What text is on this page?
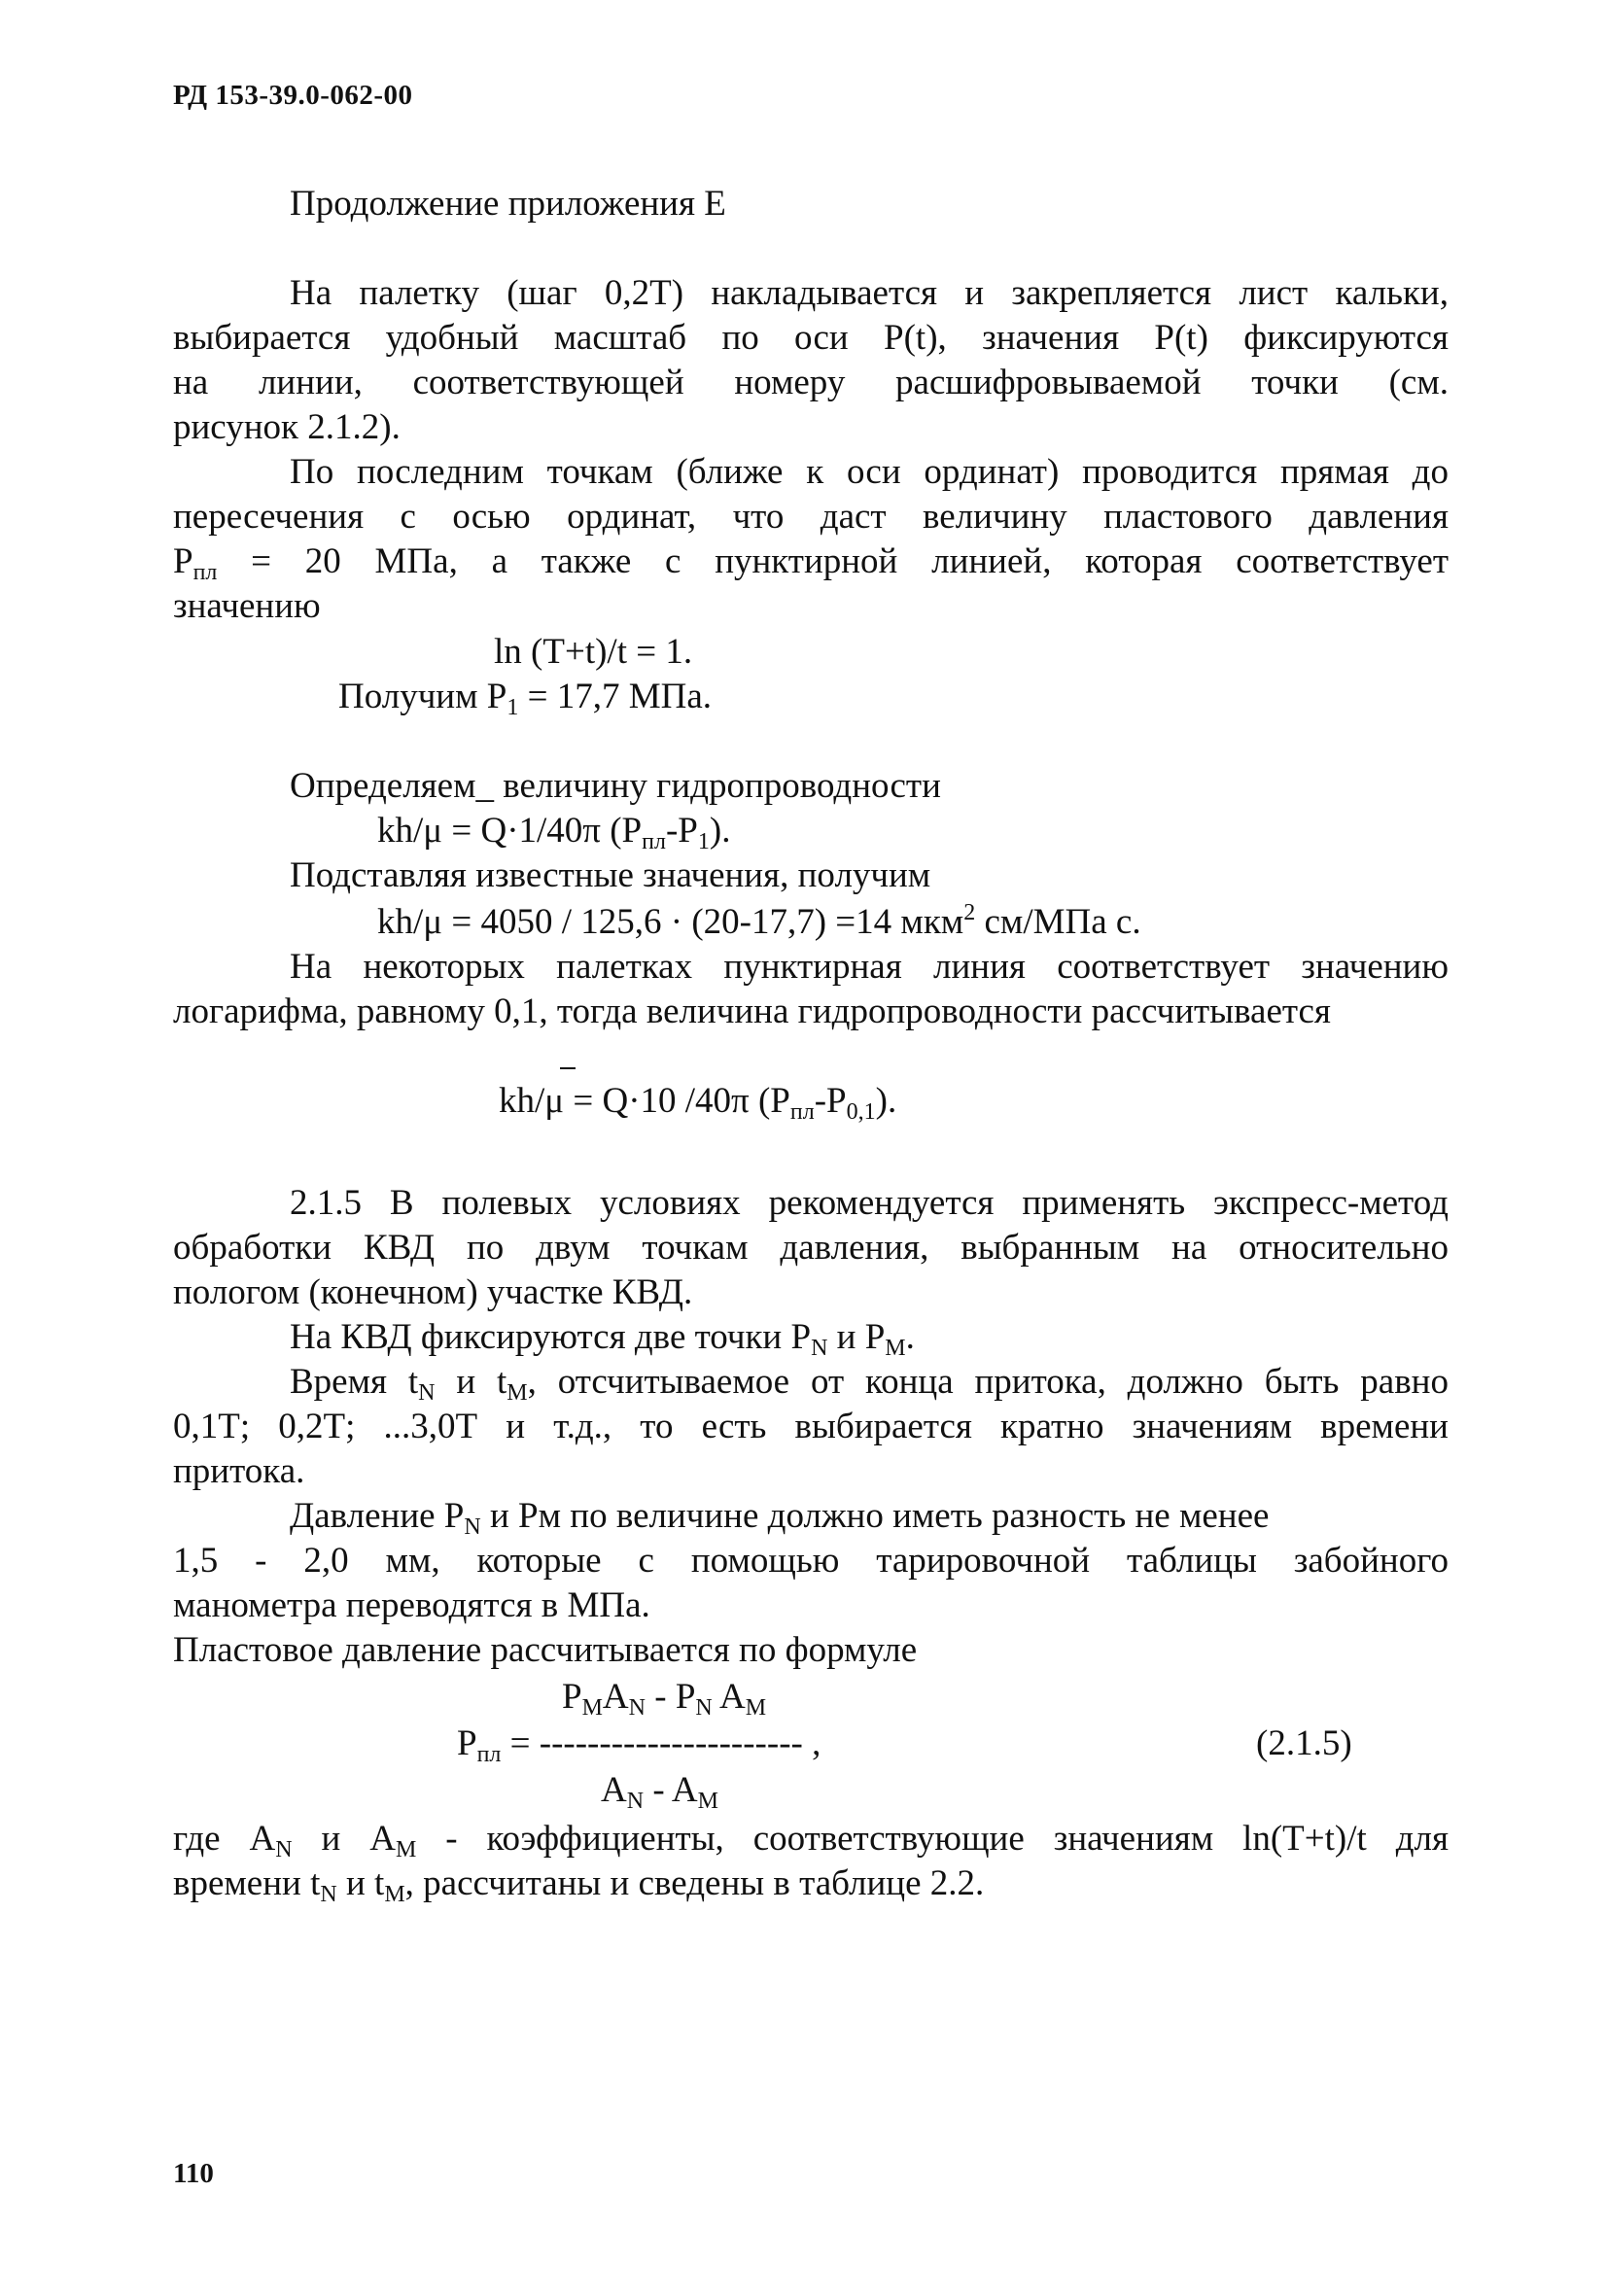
РД 153-39.0-062-00
Продолжение приложения Е
На палетку (шаг 0,2Т) накладывается и закрепляется лист кальки,
выбирается удобный масштаб по оси Р(t), значения Р(t) фиксируются
на линии, соответствующей номеру расшифровываемой точки (см.
рисунок 2.1.2).
По последним точкам (ближе к оси ординат) проводится прямая до
пересечения с осью ординат, что даст величину пластового давления
$Р_{пл} = 20$ МПа, а также с пунктирной линией, которая соответствует
значению
ln (Т+t)/t = 1.
Получим $Р_1 = 17,7$ МПа.
Определяем_ величину гидропроводности
kh/μ = Q·1/40π $(Р_{пл}-Р_1)$.
Подставляя известные значения, получим
kh/μ = 4050 / 125,6 · (20-17,7) =14 мкм$^2$ см/МПа с.
На некоторых палетках пунктирная линия соответствует значению
логарифма, равному 0,1, тогда величина гидропроводности рассчитывается
kh/μ = Q·10 /40π $(Р_{пл}-Р_{0,1})$.
2.1.5 В полевых условиях рекомендуется применять экспресс-метод
обработки КВД по двум точкам давления, выбранным на относительно
пологом (конечном) участке КВД.
На КВД фиксируются две точки $Р_N$ и $Р_M$.
Время $t_N$ и $t_M$, отсчитываемое от конца притока, должно быть равно
0,1Т; 0,2Т; ...3,0Т и т.д., то есть выбирается кратно значениям времени
притока.
Давление $Р_N$ и Рм по величине должно иметь разность не менее
1,5 - 2,0 мм, которые с помощью тарировочной таблицы забойного
манометра переводятся в МПа.
Пластовое давление рассчитывается по формуле
$Р_MA_N - Р_N$ $A_M$
$Р_{пл}$ = ---------------------- ,	(2.1.5)
$A_N - A_M$
где $A_N$ и $A_M$ - коэффициенты, соответствующие значениям ln(Т+t)/t для
времени $t_N$ и $t_M$, рассчитаны и сведены в таблице 2.2.
110
